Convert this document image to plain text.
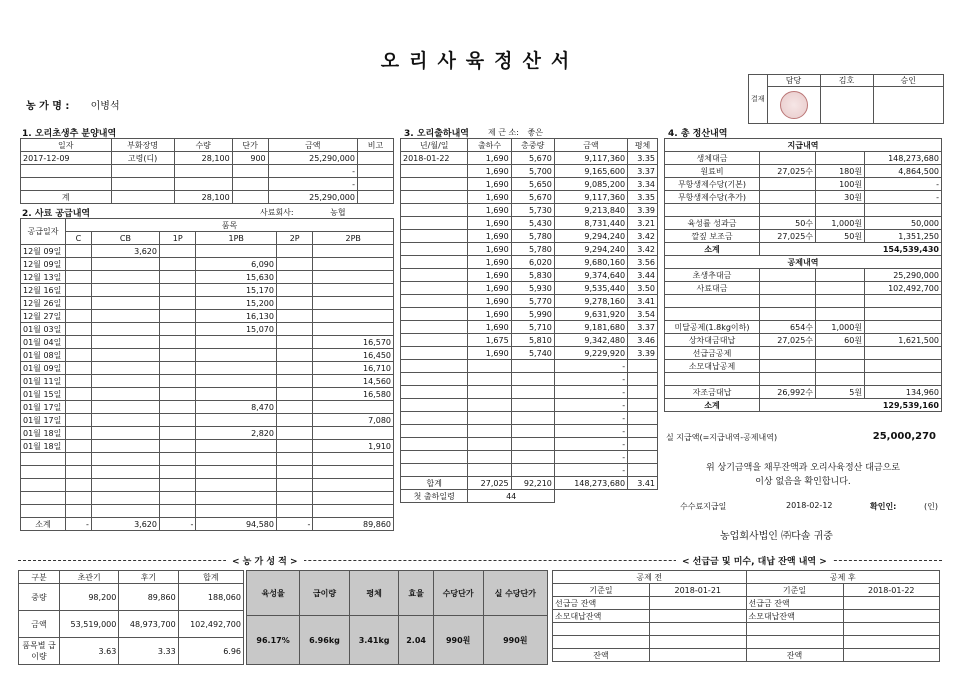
오리사육정산서
농 가 명 : 이병석
결재	담당	김호	승인

1. 오리초생추 분양내역
일자	부화장명	수량	단가	금액	비고
2017-12-09	고령(디)	28,100	900	25,290,000	
				-	
				-	
계		28,100		25,290,000	
2. 사료 공급내역	사료회사:	농협
공급일자	품목					
	C	CB	1P	1PB	2P	2PB
12월 09일		3,620				
12월 09일				6,090		
12월 13일				15,630		
12월 16일				15,170		
12월 26일				15,200		
12월 27일				16,130		
01월 03일				15,070		
01월 04일						16,570
01월 08일						16,450
01월 09일						16,710
01월 11일						14,560
01월 15일						16,580
01월 17일				8,470		
01월 17일						7,080
01월 18일				2,820		
01월 18일						1,910

소계	-	3,620	-	94,580	-	89,860
3. 오리출하내역 제 근 소: 좋은
년/월/일	출하수	총중량	금액	평체
2018-01-22	1,690	5,670	9,117,360	3.35
	1,690	5,700	9,165,600	3.37
	1,690	5,650	9,085,200	3.34
	1,690	5,670	9,117,360	3.35
	1,690	5,730	9,213,840	3.39
	1,690	5,430	8,731,440	3.21
	1,690	5,780	9,294,240	3.42
	1,690	5,780	9,294,240	3.42
	1,690	6,020	9,680,160	3.56
	1,690	5,830	9,374,640	3.44
	1,690	5,930	9,535,440	3.50
	1,690	5,770	9,278,160	3.41
	1,690	5,990	9,631,920	3.54
	1,690	5,710	9,181,680	3.37
	1,675	5,810	9,342,480	3.46
	1,690	5,740	9,229,920	3.39
			-	
			-	
			-	
			-	
			-	
			-	
			-	
			-	
			-	
합계	27,025	92,210	148,273,680	3.41
첫 출하일령	44			
4. 총 정산내역
지급내역			
생체대금			148,273,680
원료비	27,025수	180원	4,864,500
무항생제수당(기본)		100원	-
무항생제수당(추가)		30원	-

육성률 성과금	50수	1,000원	50,000
깔짚 보조금	27,025수	50원	1,351,250
소계	154,539,430		
공제내역			
초생추대금			25,290,000
사료대금			102,492,700

미달공제(1.8kg이하)	654수	1,000원	
상차대금대납	27,025수	60원	1,621,500
선급금공제			
소모대납공제			

자조금대납	26,992수	5원	134,960
소계	129,539,160		
실 지급액(=지급내역-공제내역)	25,000,270
위 상기금액을 채무잔액과 오리사육정산 대금으로
이상 없음을 확인합니다.
수수료지급일	2018-02-12	확인인:	(인)
농업회사법인 ㈜다솔 귀중
< 농 가 성 적 >	< 선급금 및 미수, 대납 잔액 내역 >
구분	초관기	후기	합계
중량	98,200	89,860	188,060
금액	53,519,000	48,973,700	102,492,700
품목별 급이량	3.63	3.33	6.96
육성율	급이량	평체	효율	수당단가	실 수당단가
96.17%	6.96kg	3.41kg	2.04	990원	990원
공제 전		공제 후	
기준일	2018-01-21	기준일	2018-01-22
선급금 잔액		선급금 잔액	
소모대납잔액		소모대납잔액	

잔액		잔액	
